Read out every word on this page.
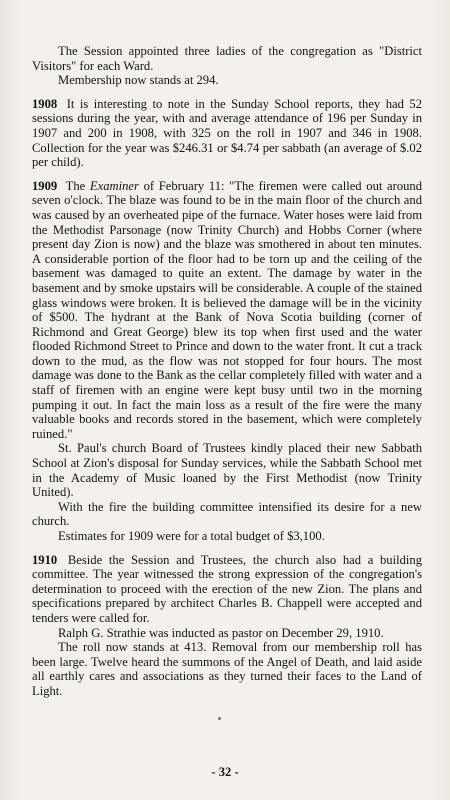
The Session appointed three ladies of the congregation as "District Visitors" for each Ward.

Membership now stands at 294.

1908 It is interesting to note in the Sunday School reports, they had 52 sessions during the year, with and average attendance of 196 per Sunday in 1907 and 200 in 1908, with 325 on the roll in 1907 and 346 in 1908. Collection for the year was $246.31 or $4.74 per sabbath (an average of $.02 per child).

1909 The Examiner of February 11: "The firemen were called out around seven o'clock. The blaze was found to be in the main floor of the church and was caused by an overheated pipe of the furnace. Water hoses were laid from the Methodist Parsonage (now Trinity Church) and Hobbs Corner (where present day Zion is now) and the blaze was smothered in about ten minutes. A considerable portion of the floor had to be torn up and the ceiling of the basement was damaged to quite an extent. The damage by water in the basement and by smoke upstairs will be considerable. A couple of the stained glass windows were broken. It is believed the damage will be in the vicinity of $500. The hydrant at the Bank of Nova Scotia building (corner of Richmond and Great George) blew its top when first used and the water flooded Richmond Street to Prince and down to the water front. It cut a track down to the mud, as the flow was not stopped for four hours. The most damage was done to the Bank as the cellar completely filled with water and a staff of firemen with an engine were kept busy until two in the morning pumping it out. In fact the main loss as a result of the fire were the many valuable books and records stored in the basement, which were completely ruined."

St. Paul's church Board of Trustees kindly placed their new Sabbath School at Zion's disposal for Sunday services, while the Sabbath School met in the Academy of Music loaned by the First Methodist (now Trinity United).

With the fire the building committee intensified its desire for a new church.

Estimates for 1909 were for a total budget of $3,100.

1910 Beside the Session and Trustees, the church also had a building committee. The year witnessed the strong expression of the congregation's determination to proceed with the erection of the new Zion. The plans and specifications prepared by architect Charles B. Chappell were accepted and tenders were called for.

Ralph G. Strathie was inducted as pastor on December 29, 1910.

The roll now stands at 413. Removal from our membership roll has been large. Twelve heard the summons of the Angel of Death, and laid aside all earthly cares and associations as they turned their faces to the Land of Light.

- 32 -
